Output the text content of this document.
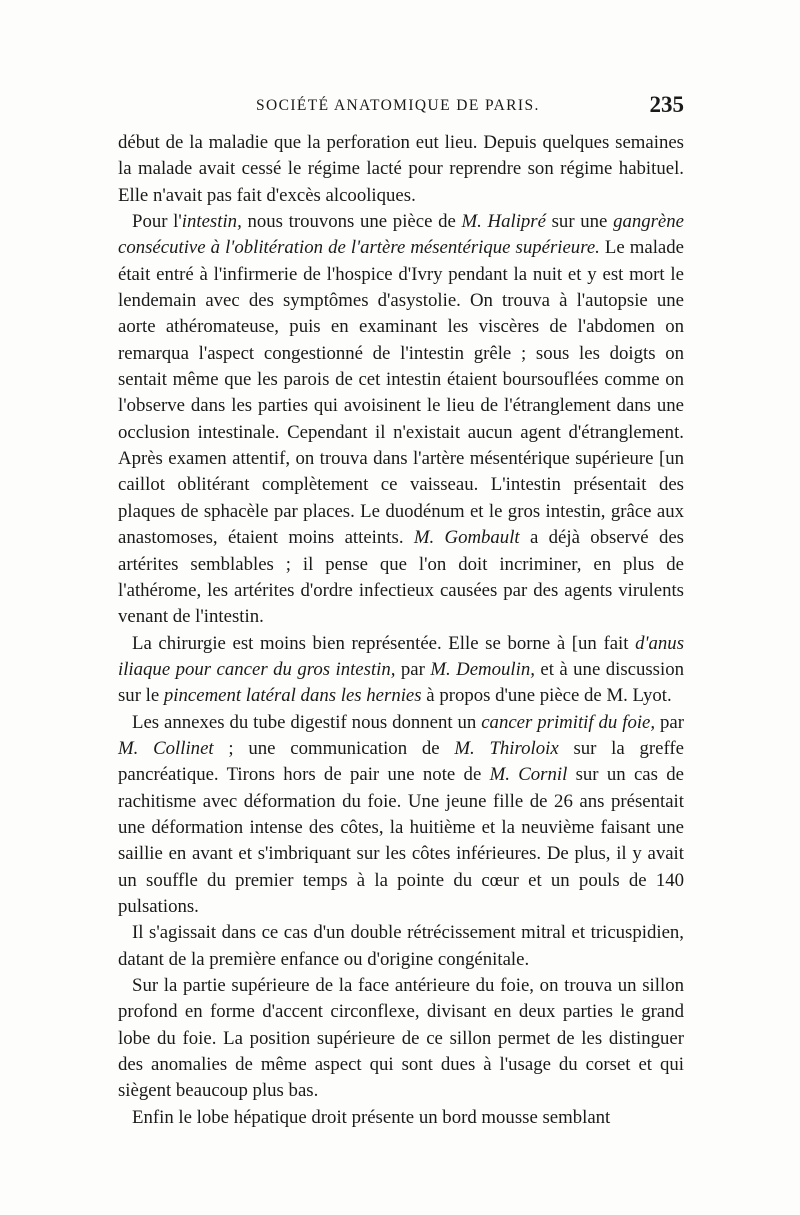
SOCIÉTÉ ANATOMIQUE DE PARIS.	235

début de la maladie que la perforation eut lieu. Depuis quelques semaines la malade avait cessé le régime lacté pour reprendre son régime habituel. Elle n'avait pas fait d'excès alcooliques.

Pour l'intestin, nous trouvons une pièce de M. Halipré sur une gangrène consécutive à l'oblitération de l'artère mésentérique supérieure. Le malade était entré à l'infirmerie de l'hospice d'Ivry pendant la nuit et y est mort le lendemain avec des symptômes d'asystolie. On trouva à l'autopsie une aorte athéromateuse, puis en examinant les viscères de l'abdomen on remarqua l'aspect congestionné de l'intestin grêle ; sous les doigts on sentait même que les parois de cet intestin étaient boursouflées comme on l'observe dans les parties qui avoisinent le lieu de l'étranglement dans une occlusion intestinale. Cependant il n'existait aucun agent d'étranglement. Après examen attentif, on trouva dans l'artère mésentérique supérieure [un caillot oblitérant complètement ce vaisseau. L'intestin présentait des plaques de sphacèle par places. Le duodénum et le gros intestin, grâce aux anastomoses, étaient moins atteints. M. Gombault a déjà observé des artérites semblables ; il pense que l'on doit incriminer, en plus de l'athérome, les artérites d'ordre infectieux causées par des agents virulents venant de l'intestin.

La chirurgie est moins bien représentée. Elle se borne à [un fait d'anus iliaque pour cancer du gros intestin, par M. Demoulin, et à une discussion sur le pincement latéral dans les hernies à propos d'une pièce de M. Lyot.

Les annexes du tube digestif nous donnent un cancer primitif du foie, par M. Collinet ; une communication de M. Thiroloix sur la greffe pancréatique. Tirons hors de pair une note de M. Cornil sur un cas de rachitisme avec déformation du foie. Une jeune fille de 26 ans présentait une déformation intense des côtes, la huitième et la neuvième faisant une saillie en avant et s'imbriquant sur les côtes inférieures. De plus, il y avait un souffle du premier temps à la pointe du cœur et un pouls de 140 pulsations.

Il s'agissait dans ce cas d'un double rétrécissement mitral et tricuspidien, datant de la première enfance ou d'origine congénitale.

Sur la partie supérieure de la face antérieure du foie, on trouva un sillon profond en forme d'accent circonflexe, divisant en deux parties le grand lobe du foie. La position supérieure de ce sillon permet de les distinguer des anomalies de même aspect qui sont dues à l'usage du corset et qui siègent beaucoup plus bas.

Enfin le lobe hépatique droit présente un bord mousse semblant
